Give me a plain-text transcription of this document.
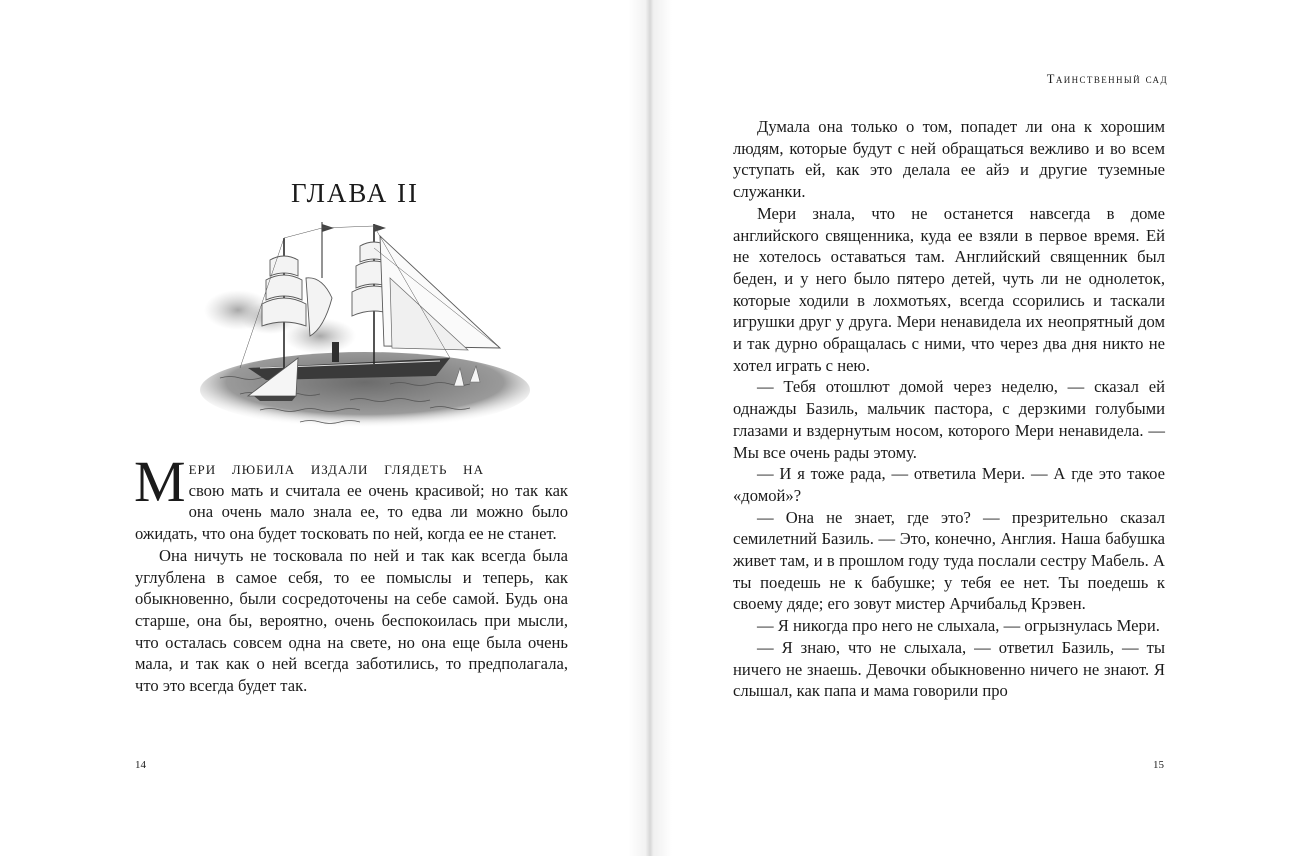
Таинственный сад
ГЛАВА II

Мери любила издали глядеть на

свою мать и считала ее очень красивой; но так как она очень мало знала ее, то едва ли можно было ожидать, что она будет тосковать по ней, когда ее не станет.

Она ничуть не тосковала по ней и так как всегда была углублена в самое себя, то ее помыслы и теперь, как обыкновенно, были сосредоточены на себе самой. Будь она старше, она бы, вероятно, очень беспокоилась при мысли, что осталась совсем одна на свете, но она еще была очень мала, и так как о ней всегда заботились, то предполагала, что это всегда будет так.

Думала она только о том, попадет ли она к хорошим людям, которые будут с ней обращаться вежливо и во всем уступать ей, как это делала ее айэ и другие туземные служанки.

Мери знала, что не останется навсегда в доме английского священника, куда ее взяли в первое время. Ей не хотелось оставаться там. Английский священник был беден, и у него было пятеро детей, чуть ли не однолеток, которые ходили в лохмотьях, всегда ссорились и таскали игрушки друг у друга. Мери ненавидела их неопрятный дом и так дурно обращалась с ними, что через два дня никто не хотел играть с нею.

— Тебя отошлют домой через неделю, — сказал ей однажды Базиль, мальчик пастора, с дерзкими голубыми глазами и вздернутым носом, которого Мери ненавидела. — Мы все очень рады этому.

— И я тоже рада, — ответила Мери. — А где это такое «домой»?

— Она не знает, где это? — презрительно сказал семилетний Базиль. — Это, конечно, Англия. Наша бабушка живет там, и в прошлом году туда послали сестру Мабель. А ты поедешь не к бабушке; у тебя ее нет. Ты поедешь к своему дяде; его зовут мистер Арчибальд Крэвен.

— Я никогда про него не слыхала, — огрызнулась Мери.

— Я знаю, что не слыхала, — ответил Базиль, — ты ничего не знаешь. Девочки обыкновенно ничего не знают. Я слышал, как папа и мама говорили про

14	15
